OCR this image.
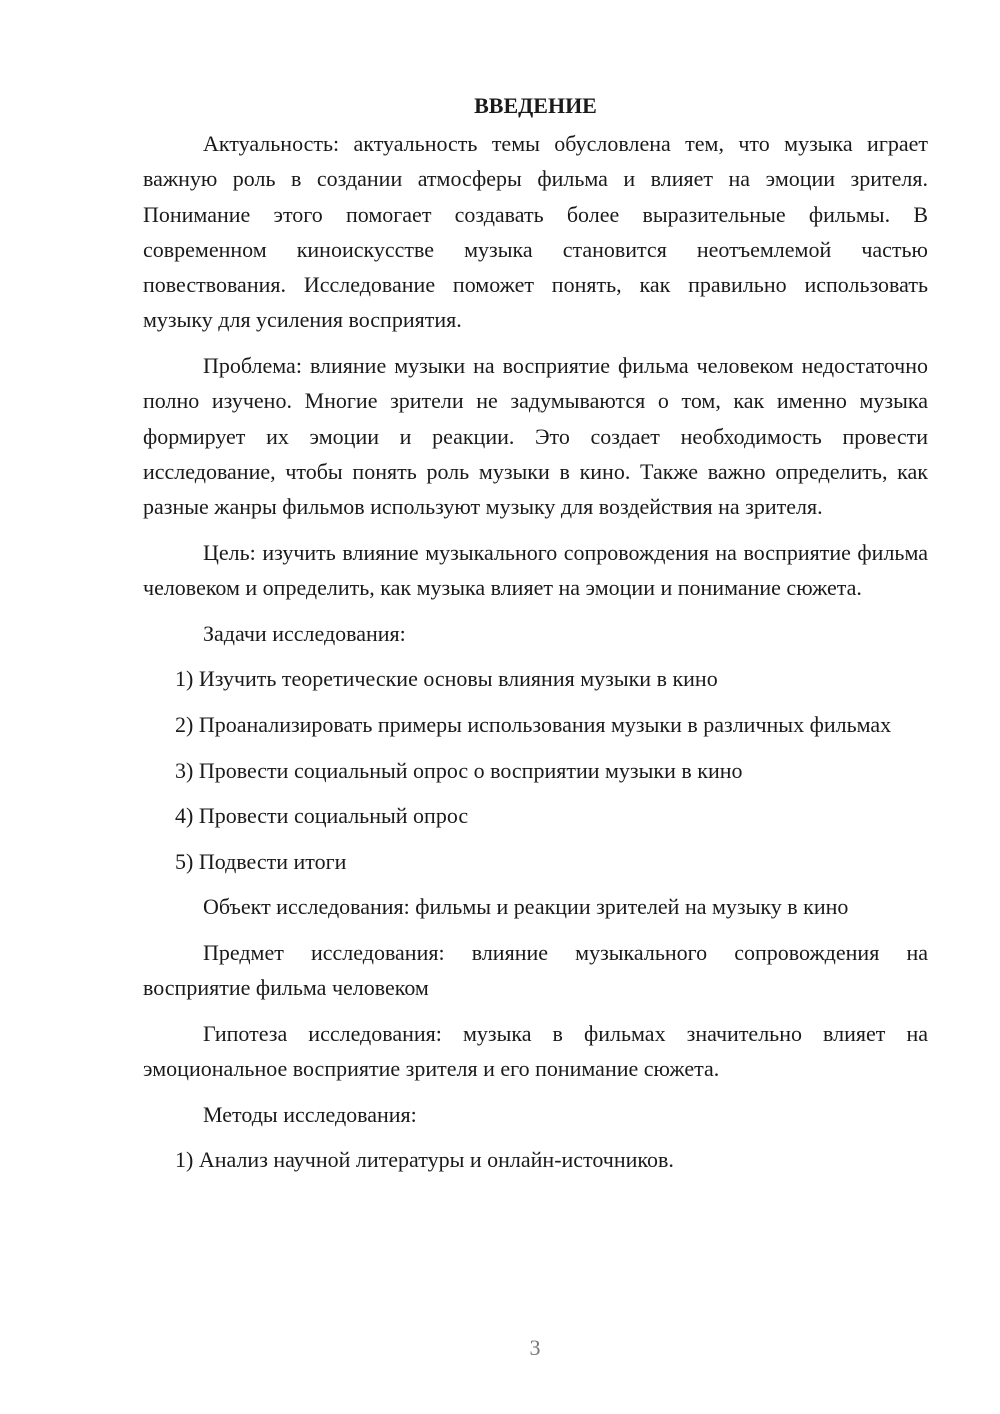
ВВЕДЕНИЕ

Актуальность: актуальность темы обусловлена тем, что музыка играет важную роль в создании атмосферы фильма и влияет на эмоции зрителя. Понимание этого помогает создавать более выразительные фильмы. В современном киноискусстве музыка становится неотъемлемой частью повествования. Исследование поможет понять, как правильно использовать музыку для усиления восприятия.

Проблема: влияние музыки на восприятие фильма человеком недостаточно полно изучено. Многие зрители не задумываются о том, как именно музыка формирует их эмоции и реакции. Это создает необходимость провести исследование, чтобы понять роль музыки в кино. Также важно определить, как разные жанры фильмов используют музыку для воздействия на зрителя.

Цель: изучить влияние музыкального сопровождения на восприятие фильма человеком и определить, как музыка влияет на эмоции и понимание сюжета.

Задачи исследования:

1) Изучить теоретические основы влияния музыки в кино

2) Проанализировать примеры использования музыки в различных фильмах

3) Провести социальный опрос о восприятии музыки в кино

4) Провести социальный опрос

5) Подвести итоги

Объект исследования: фильмы и реакции зрителей на музыку в кино

Предмет исследования: влияние музыкального сопровождения на восприятие фильма человеком

Гипотеза исследования: музыка в фильмах значительно влияет на эмоциональное восприятие зрителя и его понимание сюжета.

Методы исследования:

1) Анализ научной литературы и онлайн-источников.

3
